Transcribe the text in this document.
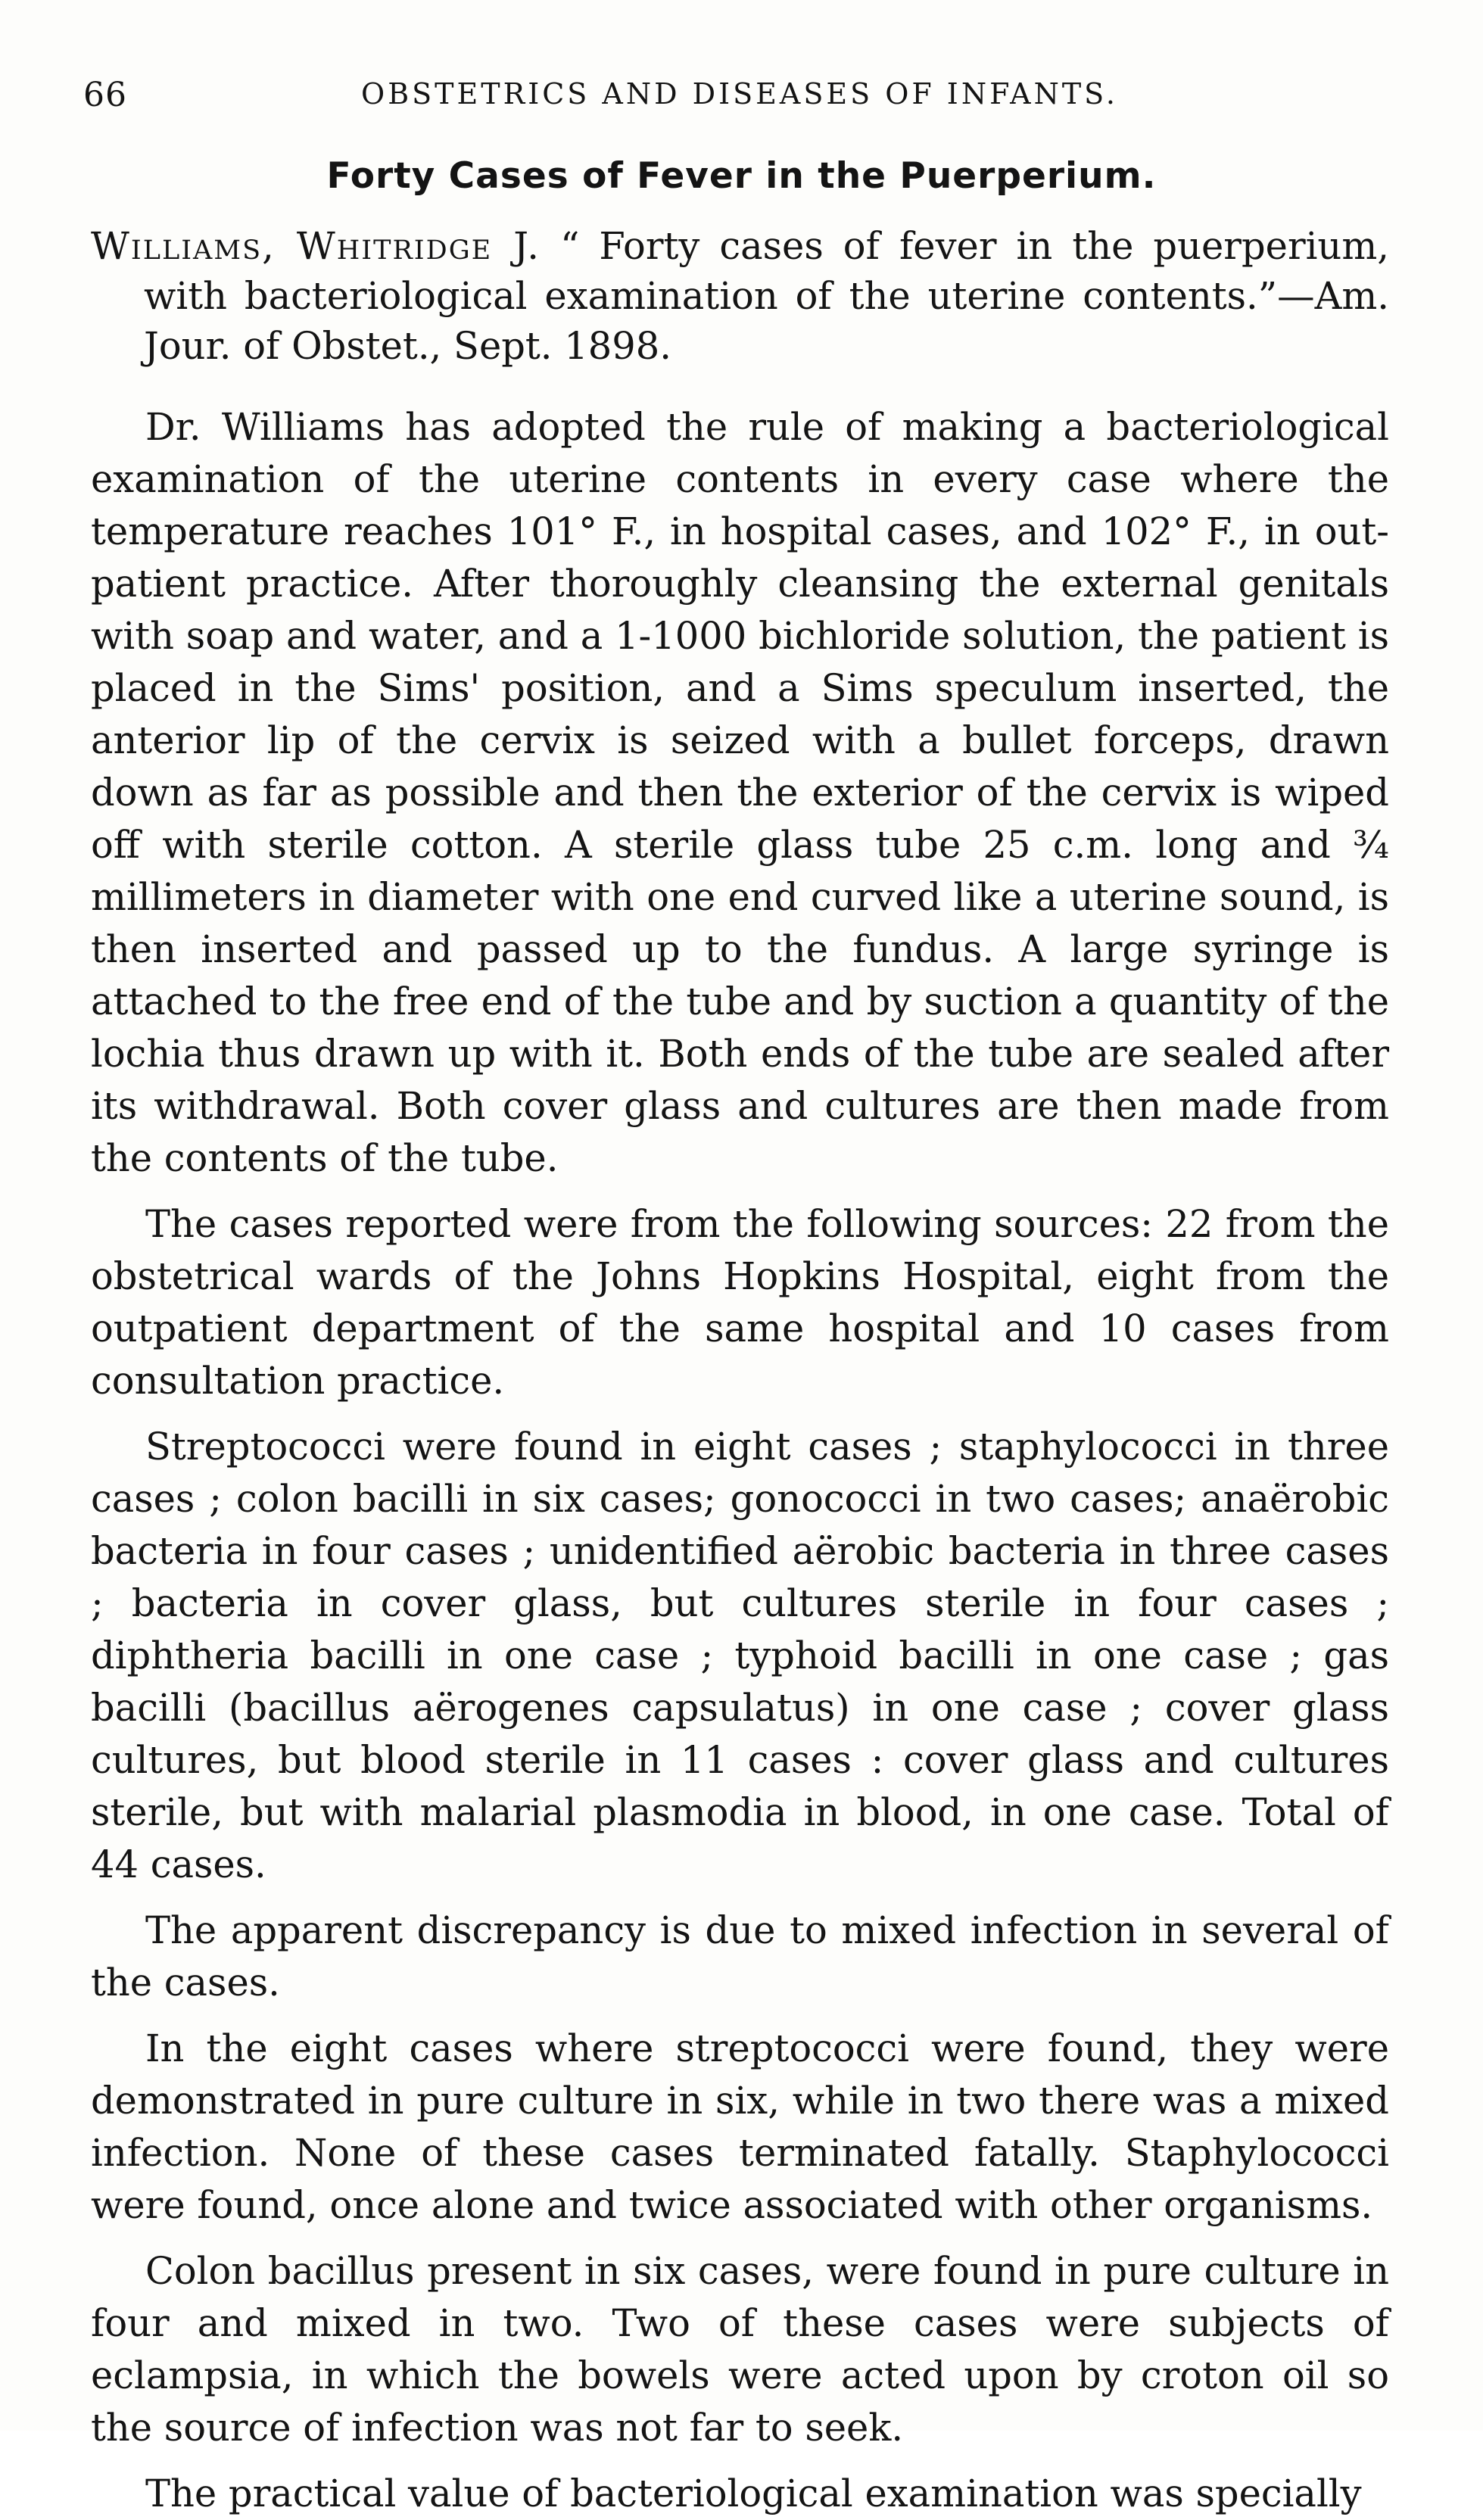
66	OBSTETRICS AND DISEASES OF INFANTS.
Forty Cases of Fever in the Puerperium.
Williams, Whitridge J. “ Forty cases of fever in the puerperium, with bacteriological examination of the uterine contents.”—Am. Jour. of Obstet., Sept. 1898.

Dr. Williams has adopted the rule of making a bacteriological examination of the uterine contents in every case where the temperature reaches 101° F., in hospital cases, and 102° F., in out-patient practice. After thoroughly cleansing the external genitals with soap and water, and a 1-1000 bichloride solution, the patient is placed in the Sims' position, and a Sims speculum inserted, the anterior lip of the cervix is seized with a bullet forceps, drawn down as far as possible and then the exterior of the cervix is wiped off with sterile cotton. A sterile glass tube 25 c.m. long and ¾ millimeters in diameter with one end curved like a uterine sound, is then inserted and passed up to the fundus. A large syringe is attached to the free end of the tube and by suction a quantity of the lochia thus drawn up with it. Both ends of the tube are sealed after its withdrawal. Both cover glass and cultures are then made from the contents of the tube.

The cases reported were from the following sources: 22 from the obstetrical wards of the Johns Hopkins Hospital, eight from the outpatient department of the same hospital and 10 cases from consultation practice.

Streptococci were found in eight cases ; staphylococci in three cases ; colon bacilli in six cases; gonococci in two cases; anaërobic bacteria in four cases ; unidentified aërobic bacteria in three cases ; bacteria in cover glass, but cultures sterile in four cases ; diphtheria bacilli in one case ; typhoid bacilli in one case ; gas bacilli (bacillus aërogenes capsulatus) in one case ; cover glass cultures, but blood sterile in 11 cases : cover glass and cultures sterile, but with malarial plasmodia in blood, in one case. Total of 44 cases.

The apparent discrepancy is due to mixed infection in several of the cases.

In the eight cases where streptococci were found, they were demonstrated in pure culture in six, while in two there was a mixed infection. None of these cases terminated fatally. Staphylococci were found, once alone and twice associated with other organisms.

Colon bacillus present in six cases, were found in pure culture in four and mixed in two. Two of these cases were subjects of eclampsia, in which the bowels were acted upon by croton oil so the source of infection was not far to seek.

The practical value of bacteriological examination was specially
